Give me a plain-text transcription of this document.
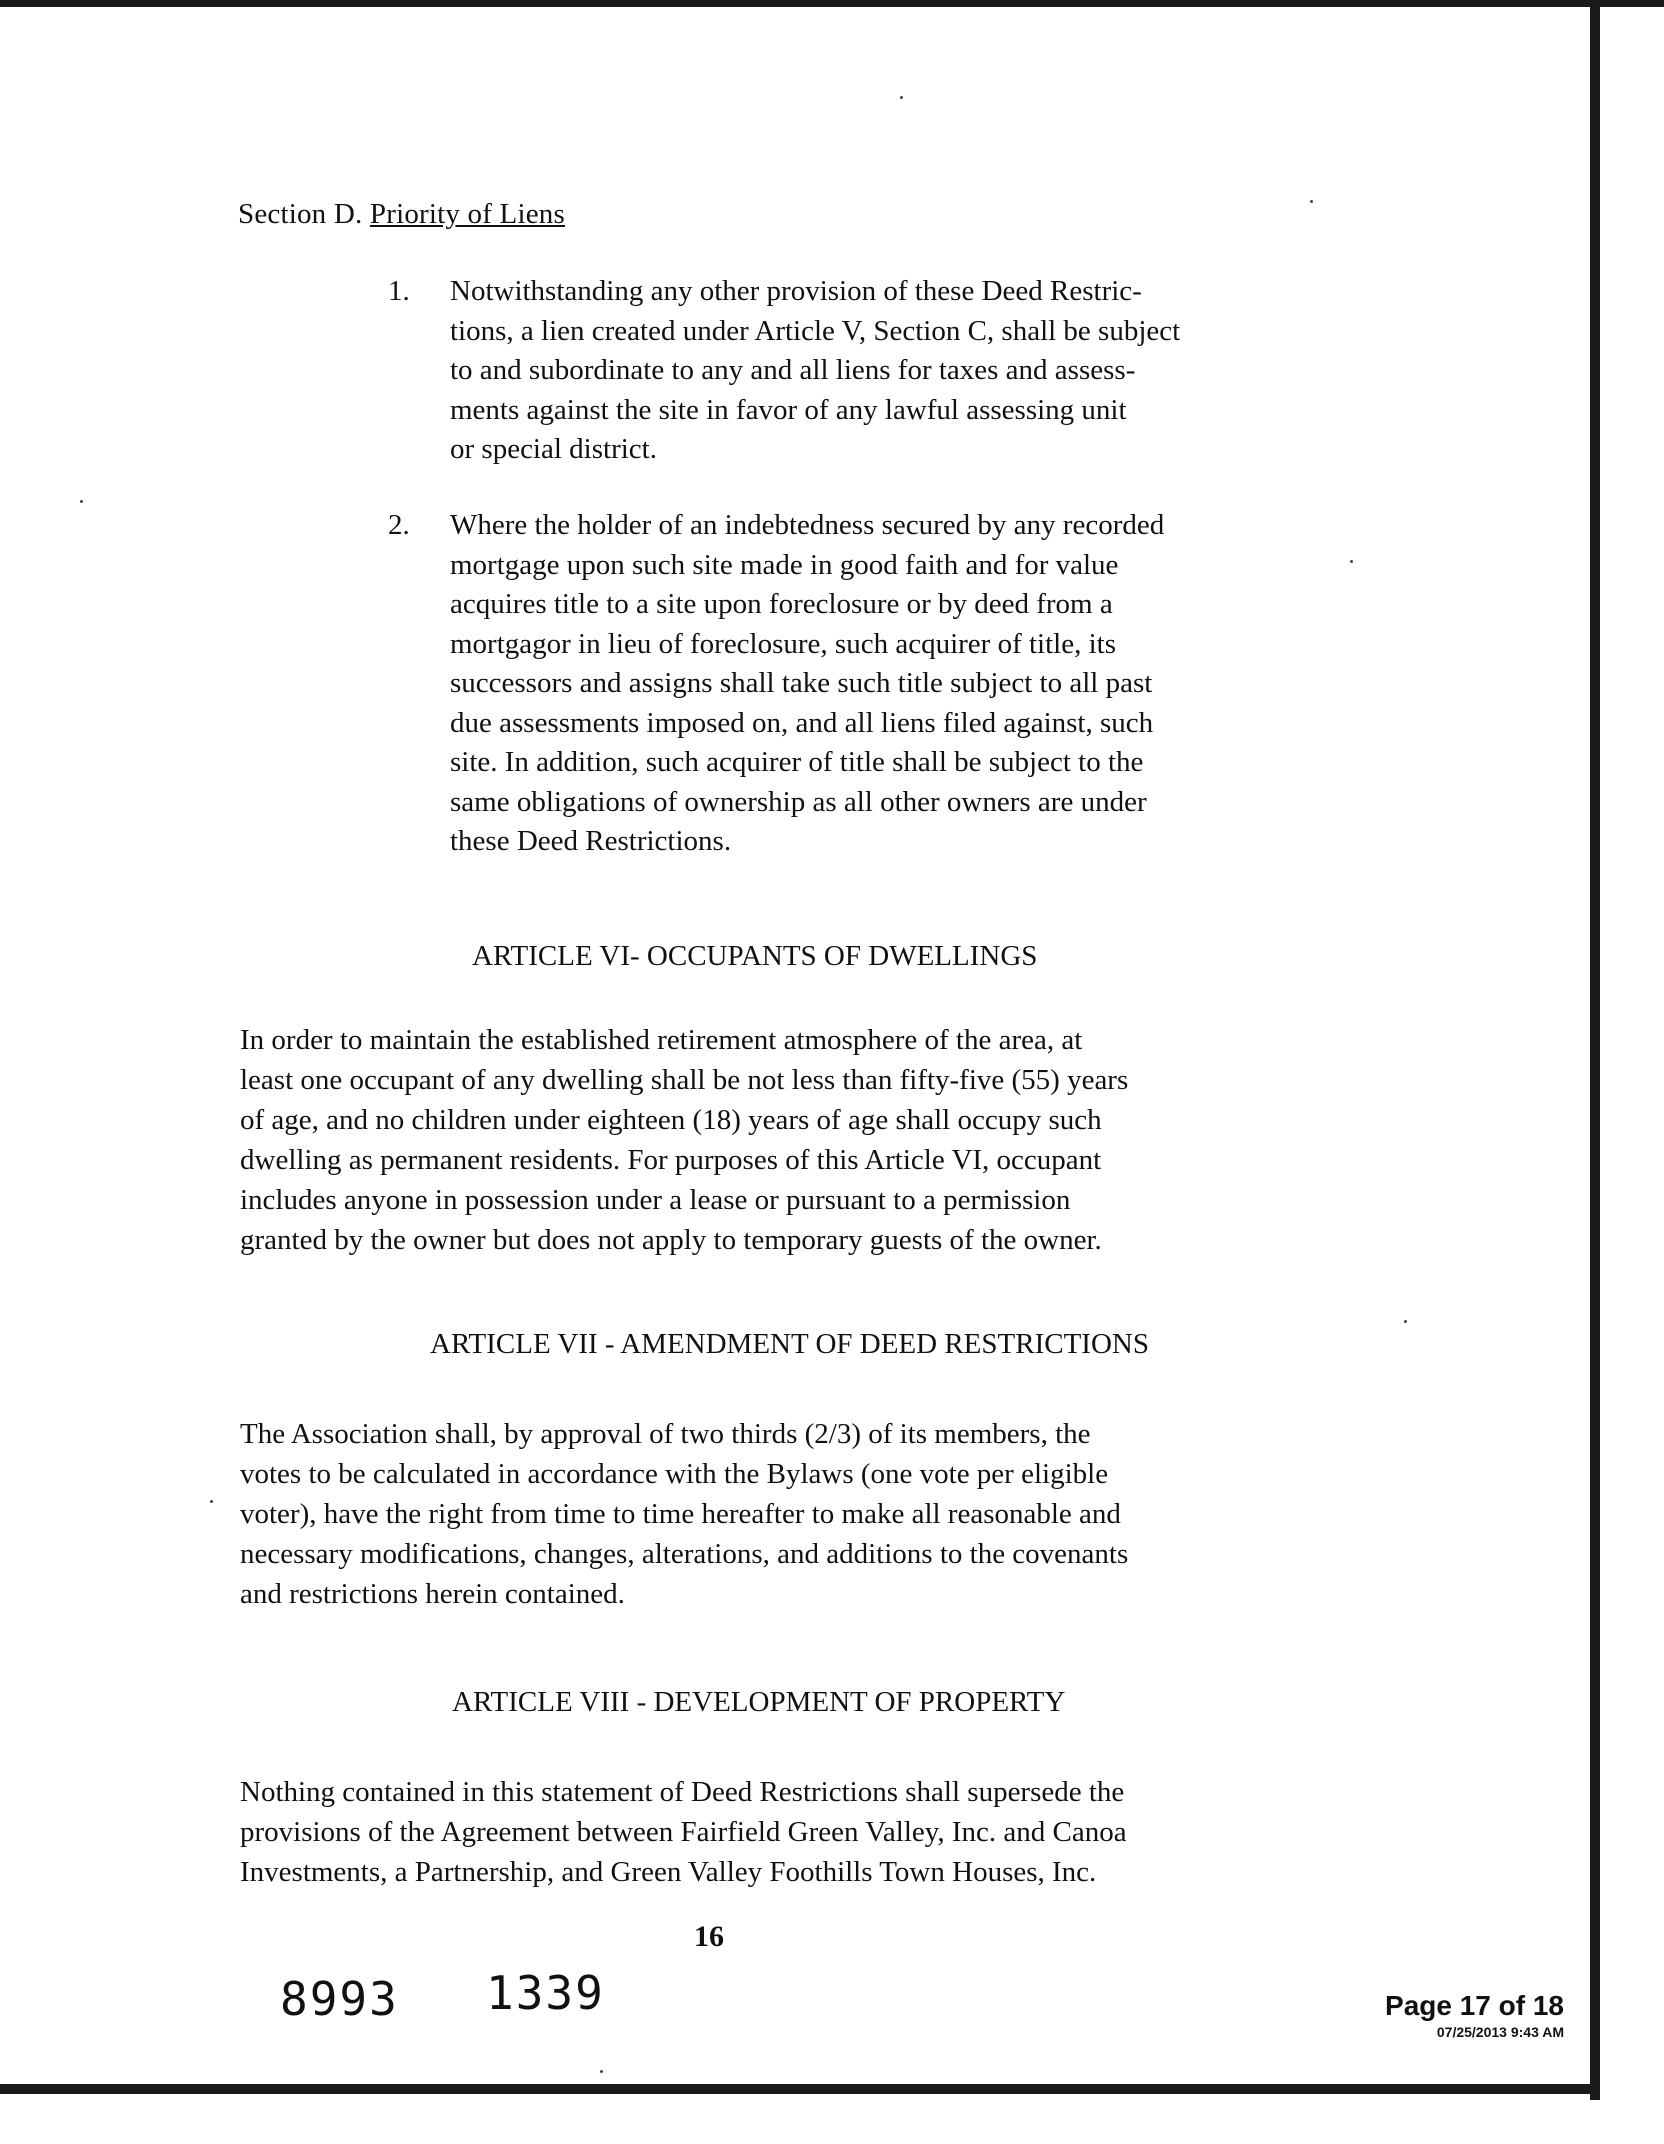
Section D. Priority of Liens
1. Notwithstanding any other provision of these Deed Restric-
tions, a lien created under Article V, Section C, shall be subject
to and subordinate to any and all liens for taxes and assess-
ments against the site in favor of any lawful assessing unit
or special district.
2. Where the holder of an indebtedness secured by any recorded
mortgage upon such site made in good faith and for value
acquires title to a site upon foreclosure or by deed from a
mortgagor in lieu of foreclosure, such acquirer of title, its
successors and assigns shall take such title subject to all past
due assessments imposed on, and all liens filed against, such
site. In addition, such acquirer of title shall be subject to the
same obligations of ownership as all other owners are under
these Deed Restrictions.
ARTICLE VI- OCCUPANTS OF DWELLINGS
In order to maintain the established retirement atmosphere of the area, at
least one occupant of any dwelling shall be not less than fifty-five (55) years
of age, and no children under eighteen (18) years of age shall occupy such
dwelling as permanent residents. For purposes of this Article VI, occupant
includes anyone in possession under a lease or pursuant to a permission
granted by the owner but does not apply to temporary guests of the owner.
ARTICLE VII - AMENDMENT OF DEED RESTRICTIONS
The Association shall, by approval of two thirds (2/3) of its members, the
votes to be calculated in accordance with the Bylaws (one vote per eligible
voter), have the right from time to time hereafter to make all reasonable and
necessary modifications, changes, alterations, and additions to the covenants
and restrictions herein contained.
ARTICLE VIII - DEVELOPMENT OF PROPERTY
Nothing contained in this statement of Deed Restrictions shall supersede the
provisions of the Agreement between Fairfield Green Valley, Inc. and Canoa
Investments, a Partnership, and Green Valley Foothills Town Houses, Inc.
16
8993 1339	Page 17 of 18
07/25/2013 9:43 AM
